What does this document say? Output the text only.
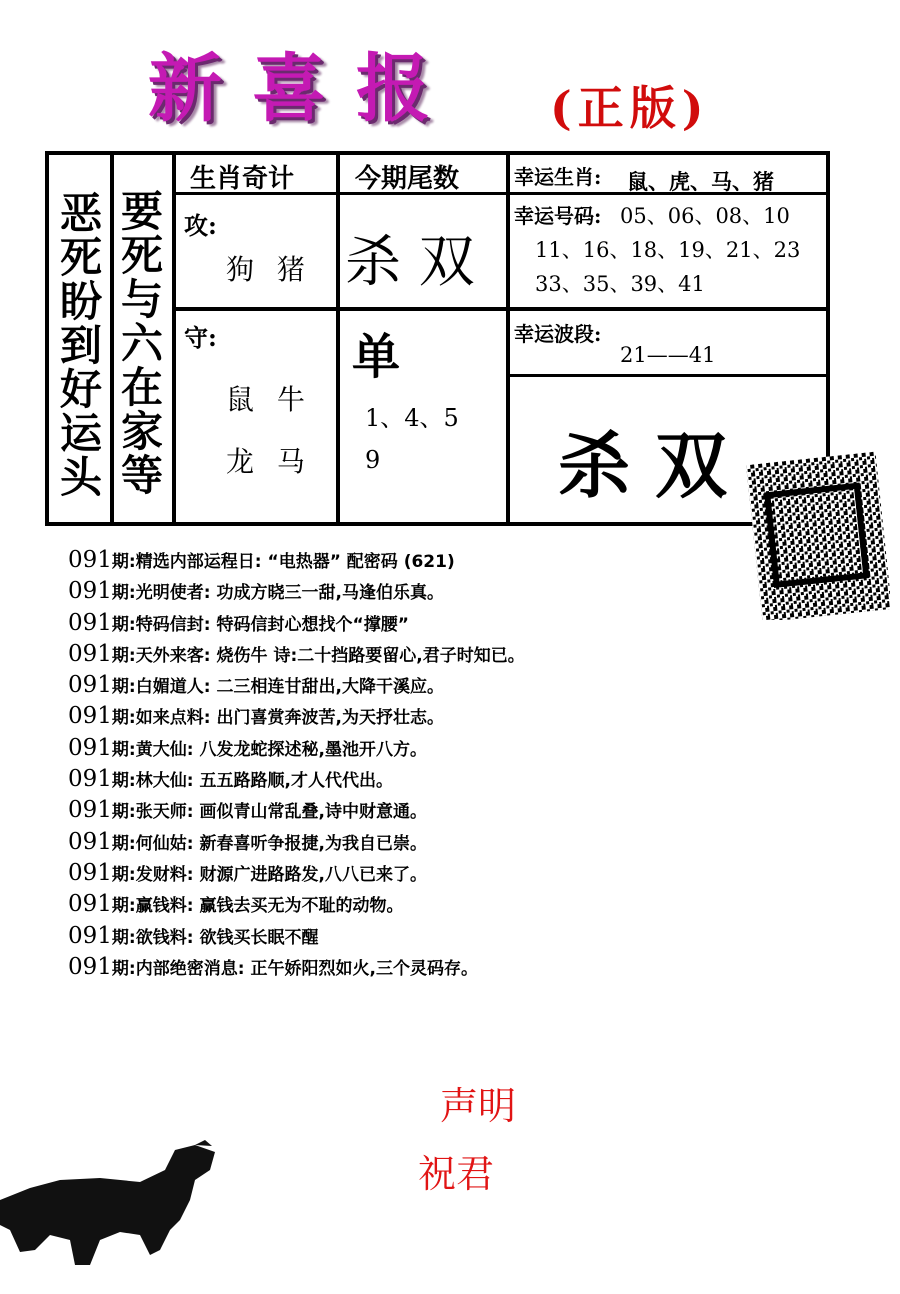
新喜报 (正版)
恶死盼到好运头
要死与六在家等
生肖奇计 今期尾数	幸运生肖: 鼠、虎、马、猪
攻:
狗 猪 杀 双
幸运号码: 05、06、08、10
11、16、18、19、21、23
33、35、39、41
守:
鼠 牛
龙 马
单
1、4、5
9
幸运波段:
21——41
杀 双
091期:精选内部运程日: “电热器” 配密码 (621)
091期:光明使者: 功成方晓三一甜,马逢伯乐真。
091期:特码信封: 特码信封心想找个“撑腰”
091期:天外来客: 烧伤牛 诗:二十挡路要留心,君子时知已。
091期:白媚道人: 二三相连甘甜出,大降干溪应。
091期:如来点料: 出门喜赏奔波苦,为天抒壮志。
091期:黄大仙: 八发龙蛇探述秘,墨池开八方。
091期:林大仙: 五五路路顺,才人代代出。
091期:张天师: 画似青山常乱叠,诗中财意通。
091期:何仙姑: 新春喜听争报捷,为我自已崇。
091期:发财料: 财源广进路路发,八八已来了。
091期:赢钱料: 赢钱去买无为不耻的动物。
091期:欲钱料: 欲钱买长眠不醒
091期:内部绝密消息: 正午娇阳烈如火,三个灵码存。
声明
祝君
